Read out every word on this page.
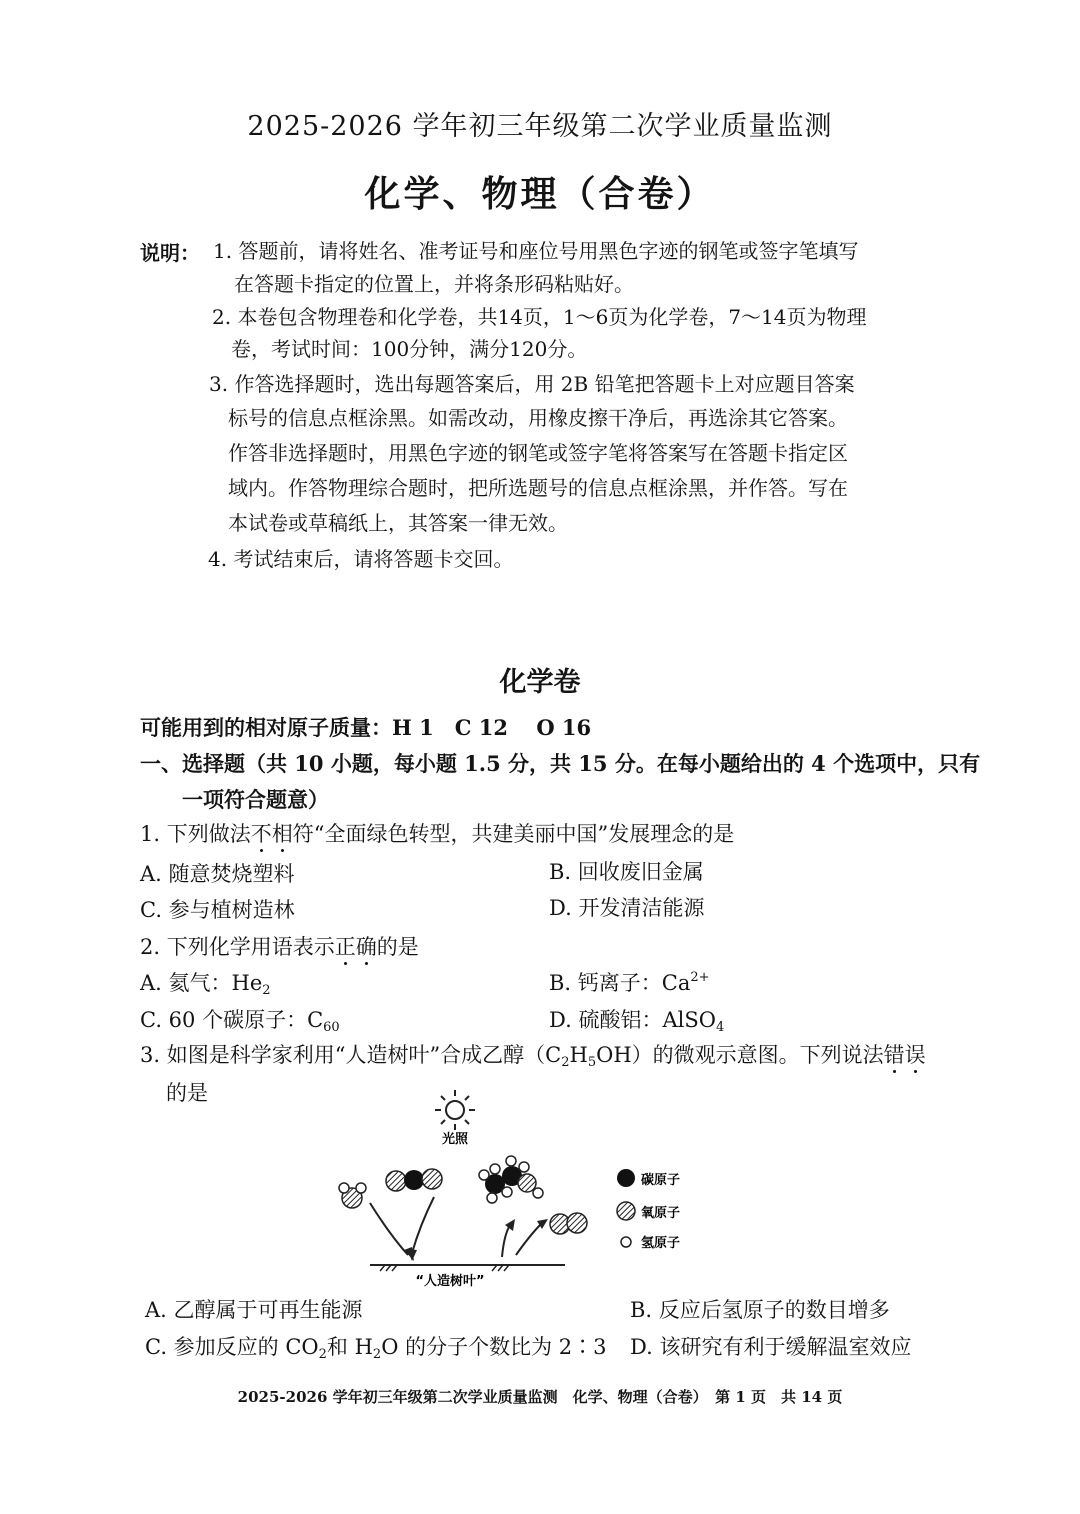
2025-2026 学年初三年级第二次学业质量监测
化学、物理（合卷）
说明： 1. 答题前，请将姓名、准考证号和座位号用黑色字迹的钢笔或签字笔填写
在答题卡指定的位置上，并将条形码粘贴好。
2. 本卷包含物理卷和化学卷，共14页，1～6页为化学卷，7～14页为物理
卷，考试时间：100分钟，满分120分。
3. 作答选择题时，选出每题答案后，用 2B 铅笔把答题卡上对应题目答案
标号的信息点框涂黑。如需改动，用橡皮擦干净后，再选涂其它答案。
作答非选择题时，用黑色字迹的钢笔或签字笔将答案写在答题卡指定区
域内。作答物理综合题时，把所选题号的信息点框涂黑，并作答。写在
本试卷或草稿纸上，其答案一律无效。
4. 考试结束后，请将答题卡交回。
化学卷
可能用到的相对原子质量：H 1　C 12　 O 16
一、选择题（共 10 小题，每小题 1.5 分，共 15 分。在每小题给出的 4 个选项中，只有
一项符合题意）
1. 下列做法不相符“全面绿色转型，共建美丽中国”发展理念的是
A. 随意焚烧塑料	B. 回收废旧金属
C. 参与植树造林	D. 开发清洁能源
2. 下列化学用语表示正确的是
A. 氦气：$He_2$	B. 钙离子：$Ca^{2+}$
C. 60 个碳原子：$C_{60}$	D. 硫酸铝：AlSO$_4$
3. 如图是科学家利用“人造树叶”合成乙醇$(C_2H_5OH)$的微观示意图。下列说法错误
的是
光照
“人造树叶”
碳原子
氧原子
氢原子
A. 乙醇属于可再生能源	B. 反应后氢原子的数目增多
C. 参加反应的 $CO_2$和 $H_2O$ 的分子个数比为 2∶3 D. 该研究有利于缓解温室效应
2025-2026 学年初三年级第二次学业质量监测　化学、物理（合卷）　第 1 页　共 14 页
